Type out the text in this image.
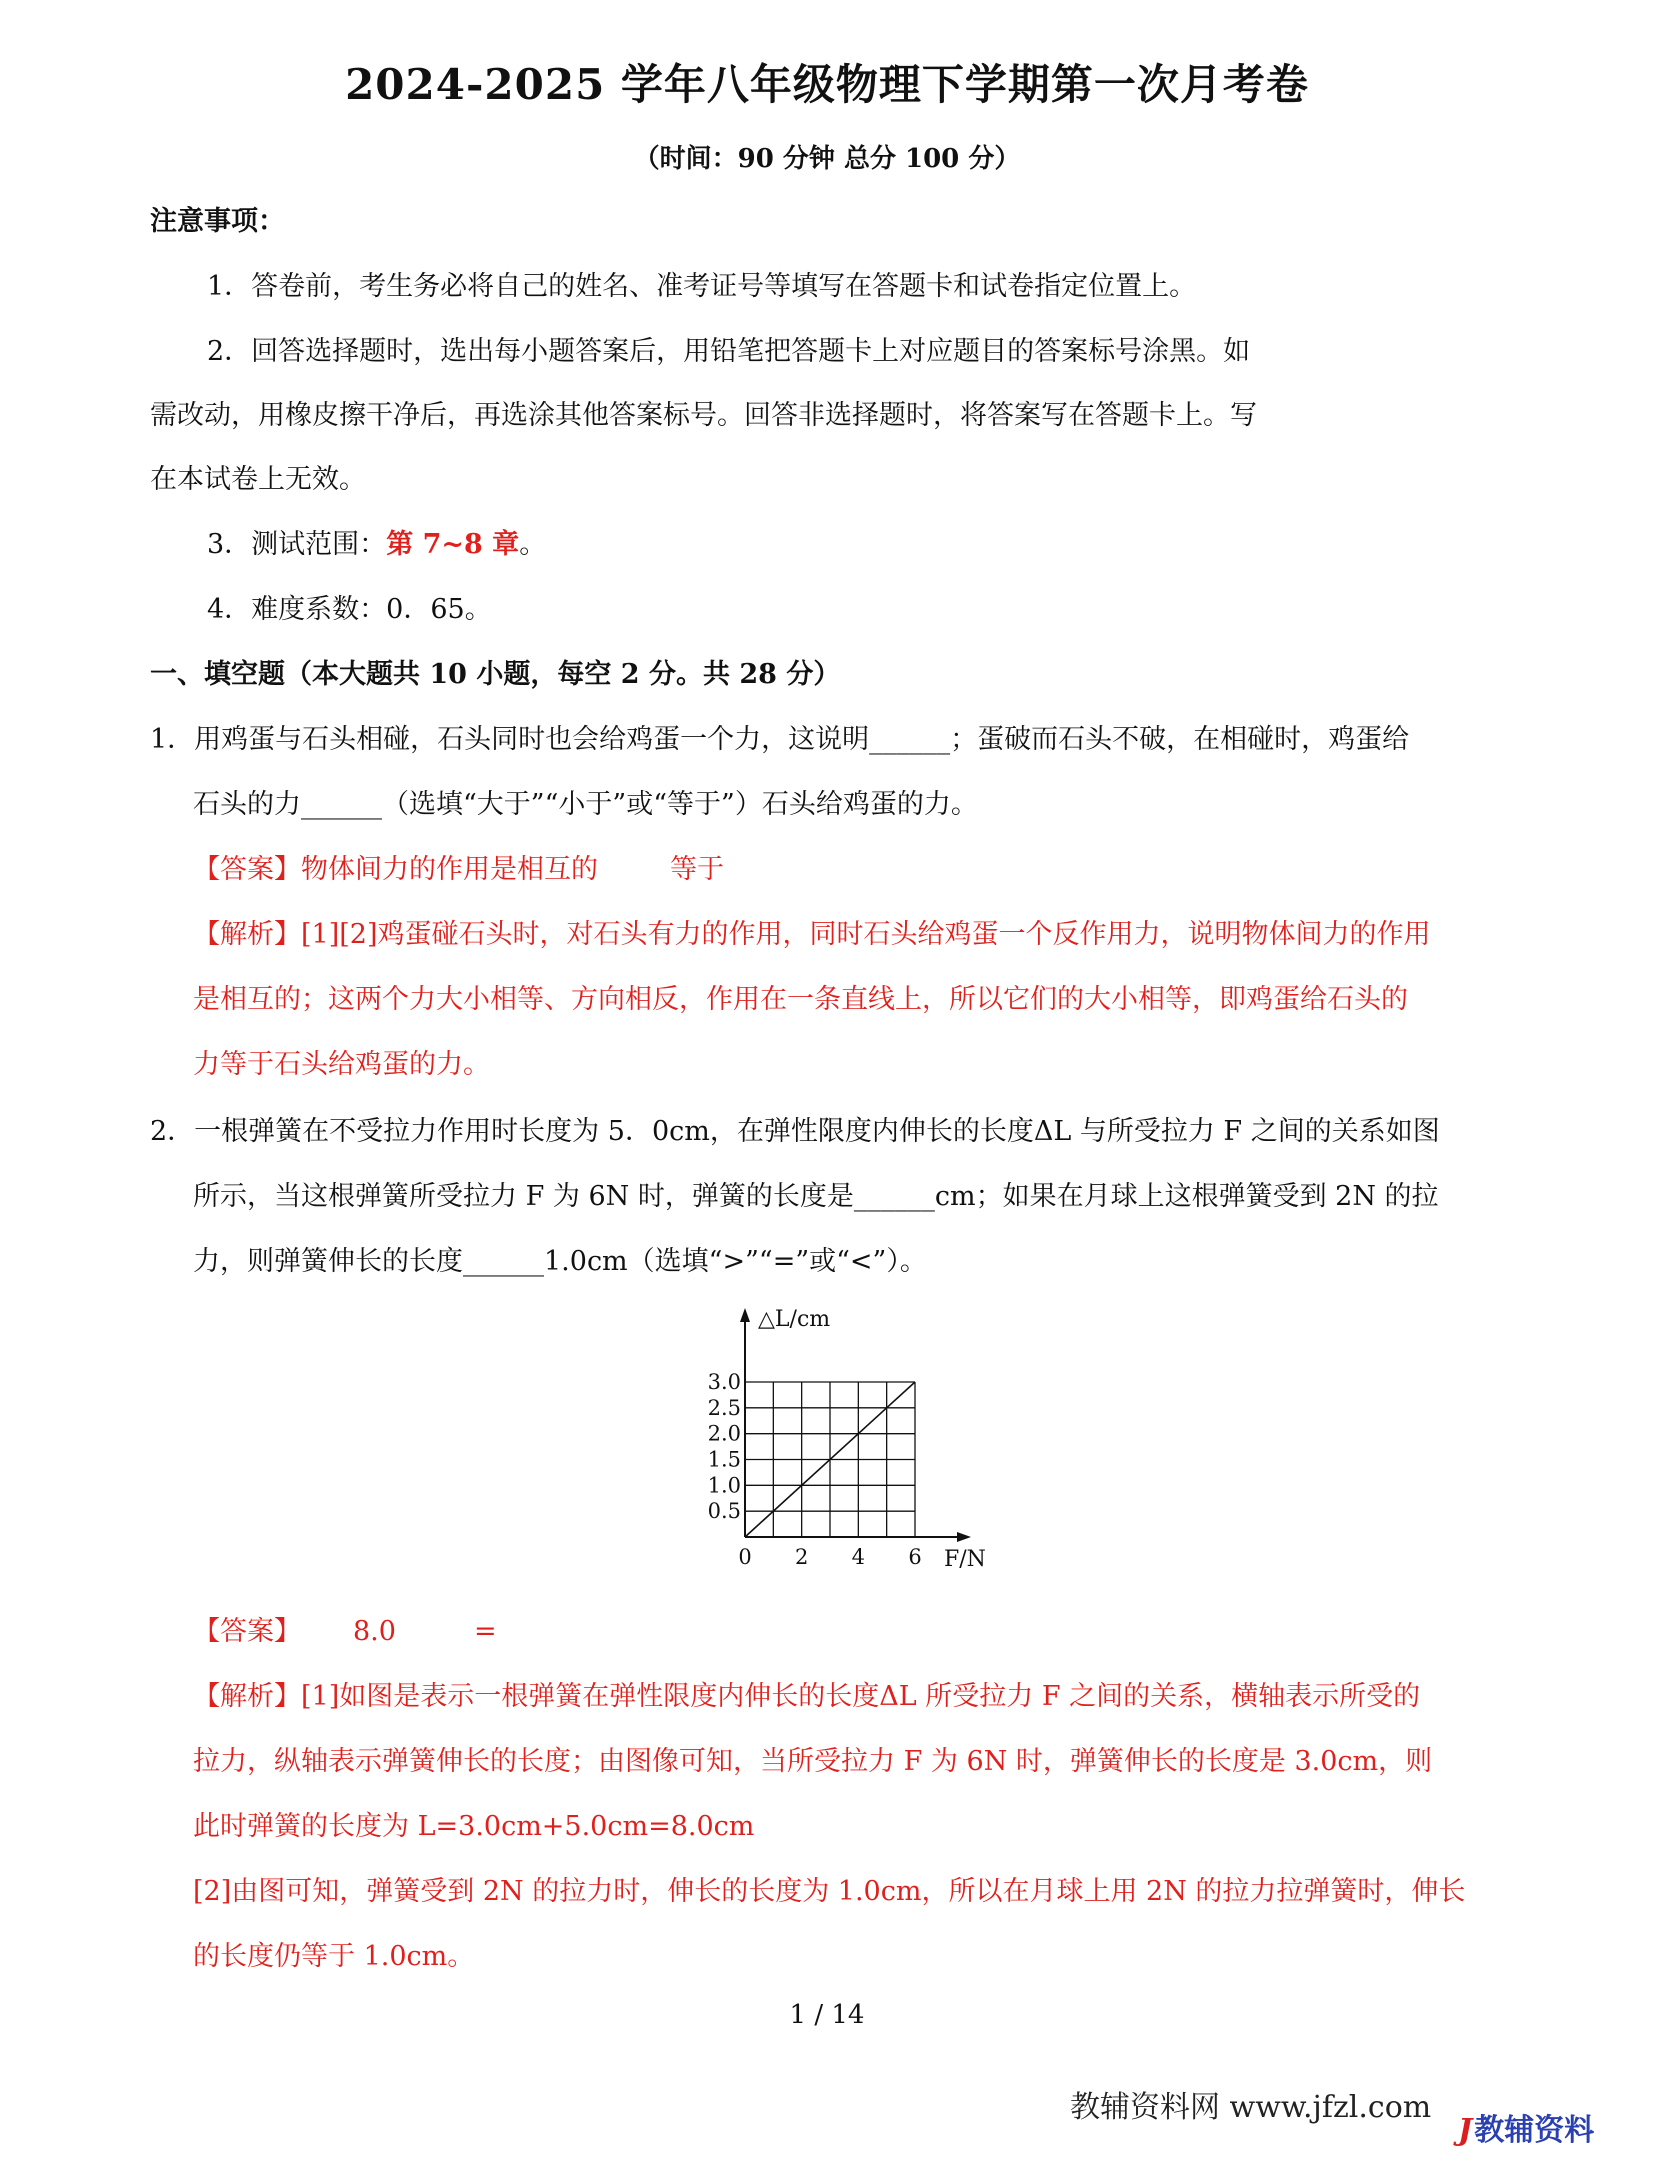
2024-2025 学年八年级物理下学期第一次月考卷
（时间：90 分钟 总分 100 分）
注意事项：
1．答卷前，考生务必将自己的姓名、准考证号等填写在答题卡和试卷指定位置上。
2．回答选择题时，选出每小题答案后，用铅笔把答题卡上对应题目的答案标号涂黑。如
需改动，用橡皮擦干净后，再选涂其他答案标号。回答非选择题时，将答案写在答题卡上。写
在本试卷上无效。
3．测试范围：第 7~8 章。
4．难度系数：0．65。
一、填空题（本大题共 10 小题，每空 2 分。共 28 分）
1．用鸡蛋与石头相碰，石头同时也会给鸡蛋一个力，这说明______；蛋破而石头不破，在相碰时，鸡蛋给
石头的力______（选填“大于”“小于”或“等于”）石头给鸡蛋的力。
【答案】物体间力的作用是相互的	等于
【解析】[1][2]鸡蛋碰石头时，对石头有力的作用，同时石头给鸡蛋一个反作用力，说明物体间力的作用
是相互的；这两个力大小相等、方向相反，作用在一条直线上，所以它们的大小相等，即鸡蛋给石头的
力等于石头给鸡蛋的力。
2．一根弹簧在不受拉力作用时长度为 5．0cm，在弹性限度内伸长的长度ΔL 与所受拉力 F 之间的关系如图
所示，当这根弹簧所受拉力 F 为 6N 时，弹簧的长度是______cm；如果在月球上这根弹簧受到 2N 的拉
力，则弹簧伸长的长度______1.0cm（选填“>”“=”或“<”）。
0 2 4 6
0.5
1.0
1.5
2.0
2.5
3.0
△L/cm
F/N
【答案】 8.0	=
【解析】[1]如图是表示一根弹簧在弹性限度内伸长的长度ΔL 所受拉力 F 之间的关系，横轴表示所受的
拉力，纵轴表示弹簧伸长的长度；由图像可知，当所受拉力 F 为 6N 时，弹簧伸长的长度是 3.0cm，则
此时弹簧的长度为 L=3.0cm+5.0cm=8.0cm
[2]由图可知，弹簧受到 2N 的拉力时，伸长的长度为 1.0cm，所以在月球上用 2N 的拉力拉弹簧时，伸长
的长度仍等于 1.0cm。
1 / 14
教辅资料网 www.jfzl.com
J教辅资料
